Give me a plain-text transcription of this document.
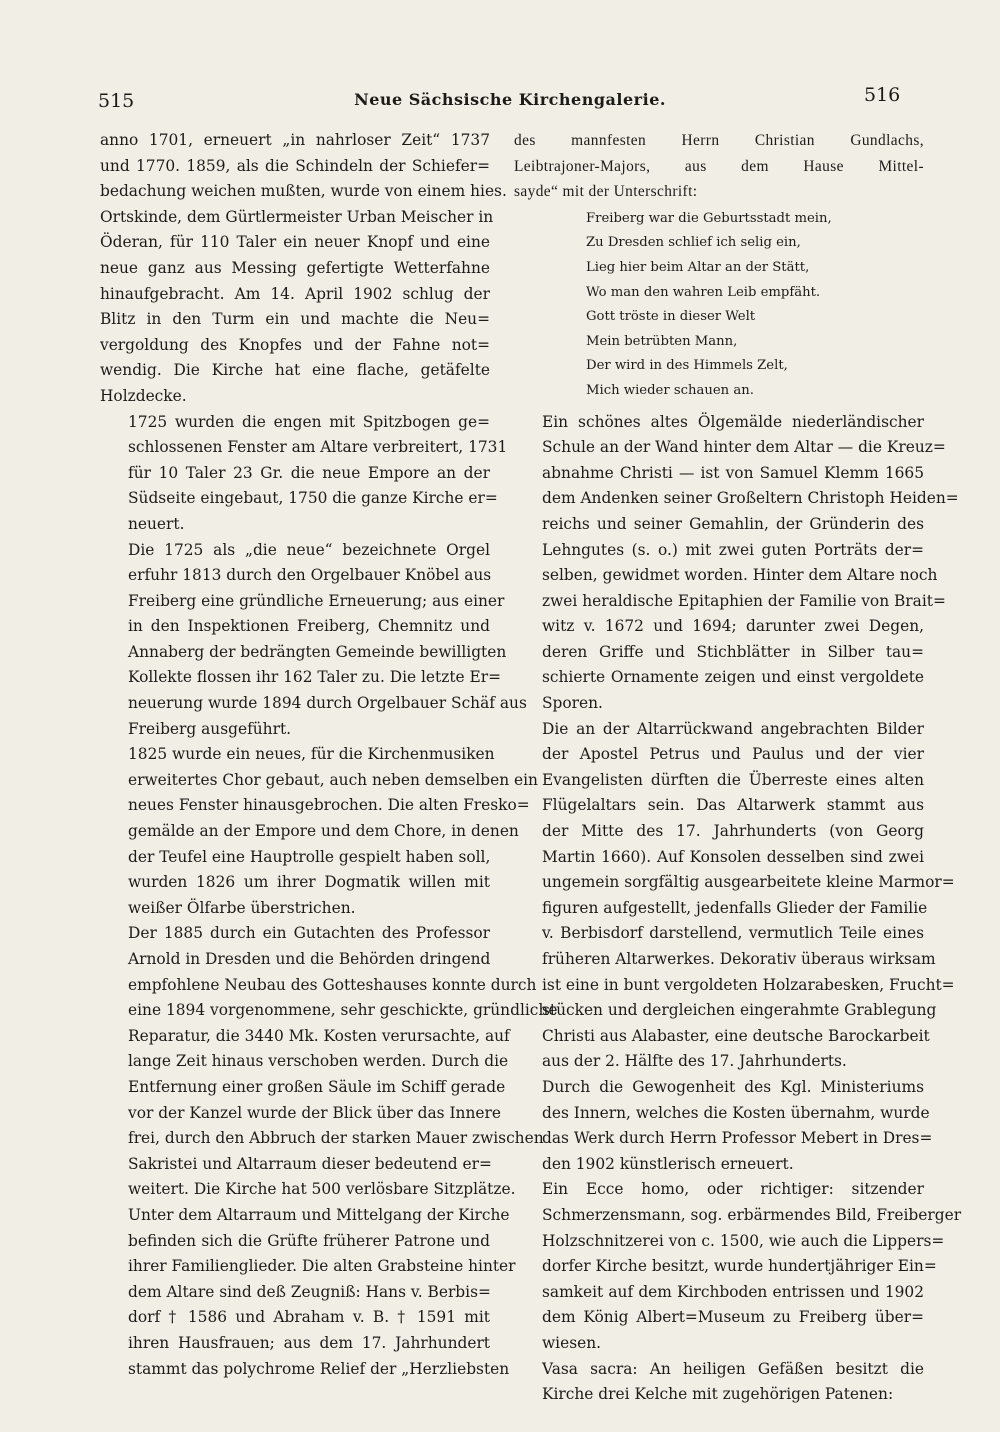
515	Neue Sächsische Kirchengalerie.	516

anno 1701, erneuert „in nahrloser Zeit“ 1737
und 1770. 1859, als die Schindeln der Schiefer=
bedachung weichen mußten, wurde von einem hies.
Ortskinde, dem Gürtlermeister Urban Meischer in
Öderan, für 110 Taler ein neuer Knopf und eine
neue ganz aus Messing gefertigte Wetterfahne
hinaufgebracht. Am 14. April 1902 schlug der
Blitz in den Turm ein und machte die Neu=
vergoldung des Knopfes und der Fahne not=
wendig. Die Kirche hat eine flache, getäfelte
Holzdecke.

1725 wurden die engen mit Spitzbogen ge=
schlossenen Fenster am Altare verbreitert, 1731
für 10 Taler 23 Gr. die neue Empore an der
Südseite eingebaut, 1750 die ganze Kirche er=
neuert.

Die 1725 als „die neue“ bezeichnete Orgel
erfuhr 1813 durch den Orgelbauer Knöbel aus
Freiberg eine gründliche Erneuerung; aus einer
in den Inspektionen Freiberg, Chemnitz und
Annaberg der bedrängten Gemeinde bewilligten
Kollekte flossen ihr 162 Taler zu. Die letzte Er=
neuerung wurde 1894 durch Orgelbauer Schäf aus
Freiberg ausgeführt.

1825 wurde ein neues, für die Kirchenmusiken
erweitertes Chor gebaut, auch neben demselben ein
neues Fenster hinausgebrochen. Die alten Fresko=
gemälde an der Empore und dem Chore, in denen
der Teufel eine Hauptrolle gespielt haben soll,
wurden 1826 um ihrer Dogmatik willen mit
weißer Ölfarbe überstrichen.

Der 1885 durch ein Gutachten des Professor
Arnold in Dresden und die Behörden dringend
empfohlene Neubau des Gotteshauses konnte durch
eine 1894 vorgenommene, sehr geschickte, gründliche
Reparatur, die 3440 Mk. Kosten verursachte, auf
lange Zeit hinaus verschoben werden. Durch die
Entfernung einer großen Säule im Schiff gerade
vor der Kanzel wurde der Blick über das Innere
frei, durch den Abbruch der starken Mauer zwischen
Sakristei und Altarraum dieser bedeutend er=
weitert. Die Kirche hat 500 verlösbare Sitzplätze.
Unter dem Altarraum und Mittelgang der Kirche
befinden sich die Grüfte früherer Patrone und
ihrer Familienglieder. Die alten Grabsteine hinter
dem Altare sind deß Zeugniß: Hans v. Berbis=
dorf † 1586 und Abraham v. B. † 1591 mit
ihren Hausfrauen; aus dem 17. Jahrhundert
stammt das polychrome Relief der „Herzliebsten

des mannfesten Herrn Christian Gundlachs,
Leibtrajoner-Majors, aus dem Hause Mittel-
sayde“ mit der Unterschrift:

Freiberg war die Geburtsstadt mein,
Zu Dresden schlief ich selig ein,
Lieg hier beim Altar an der Stätt,
Wo man den wahren Leib empfäht.
Gott tröste in dieser Welt
Mein betrübten Mann,
Der wird in des Himmels Zelt,
Mich wieder schauen an.

Ein schönes altes Ölgemälde niederländischer
Schule an der Wand hinter dem Altar — die Kreuz=
abnahme Christi — ist von Samuel Klemm 1665
dem Andenken seiner Großeltern Christoph Heiden=
reichs und seiner Gemahlin, der Gründerin des
Lehngutes (s. o.) mit zwei guten Porträts der=
selben, gewidmet worden. Hinter dem Altare noch
zwei heraldische Epitaphien der Familie von Brait=
witz v. 1672 und 1694; darunter zwei Degen,
deren Griffe und Stichblätter in Silber tau=
schierte Ornamente zeigen und einst vergoldete
Sporen.

Die an der Altarrückwand angebrachten Bilder
der Apostel Petrus und Paulus und der vier
Evangelisten dürften die Überreste eines alten
Flügelaltars sein. Das Altarwerk stammt aus
der Mitte des 17. Jahrhunderts (von Georg
Martin 1660). Auf Konsolen desselben sind zwei
ungemein sorgfältig ausgearbeitete kleine Marmor=
figuren aufgestellt, jedenfalls Glieder der Familie
v. Berbisdorf darstellend, vermutlich Teile eines
früheren Altarwerkes. Dekorativ überaus wirksam
ist eine in bunt vergoldeten Holzarabesken, Frucht=
stücken und dergleichen eingerahmte Grablegung
Christi aus Alabaster, eine deutsche Barockarbeit
aus der 2. Hälfte des 17. Jahrhunderts.

Durch die Gewogenheit des Kgl. Ministeriums
des Innern, welches die Kosten übernahm, wurde
das Werk durch Herrn Professor Mebert in Dres=
den 1902 künstlerisch erneuert.

Ein Ecce homo, oder richtiger: sitzender
Schmerzensmann, sog. erbärmendes Bild, Freiberger
Holzschnitzerei von c. 1500, wie auch die Lippers=
dorfer Kirche besitzt, wurde hundertjähriger Ein=
samkeit auf dem Kirchboden entrissen und 1902
dem König Albert=Museum zu Freiberg über=
wiesen.

Vasa sacra: An heiligen Gefäßen besitzt die
Kirche drei Kelche mit zugehörigen Patenen:
